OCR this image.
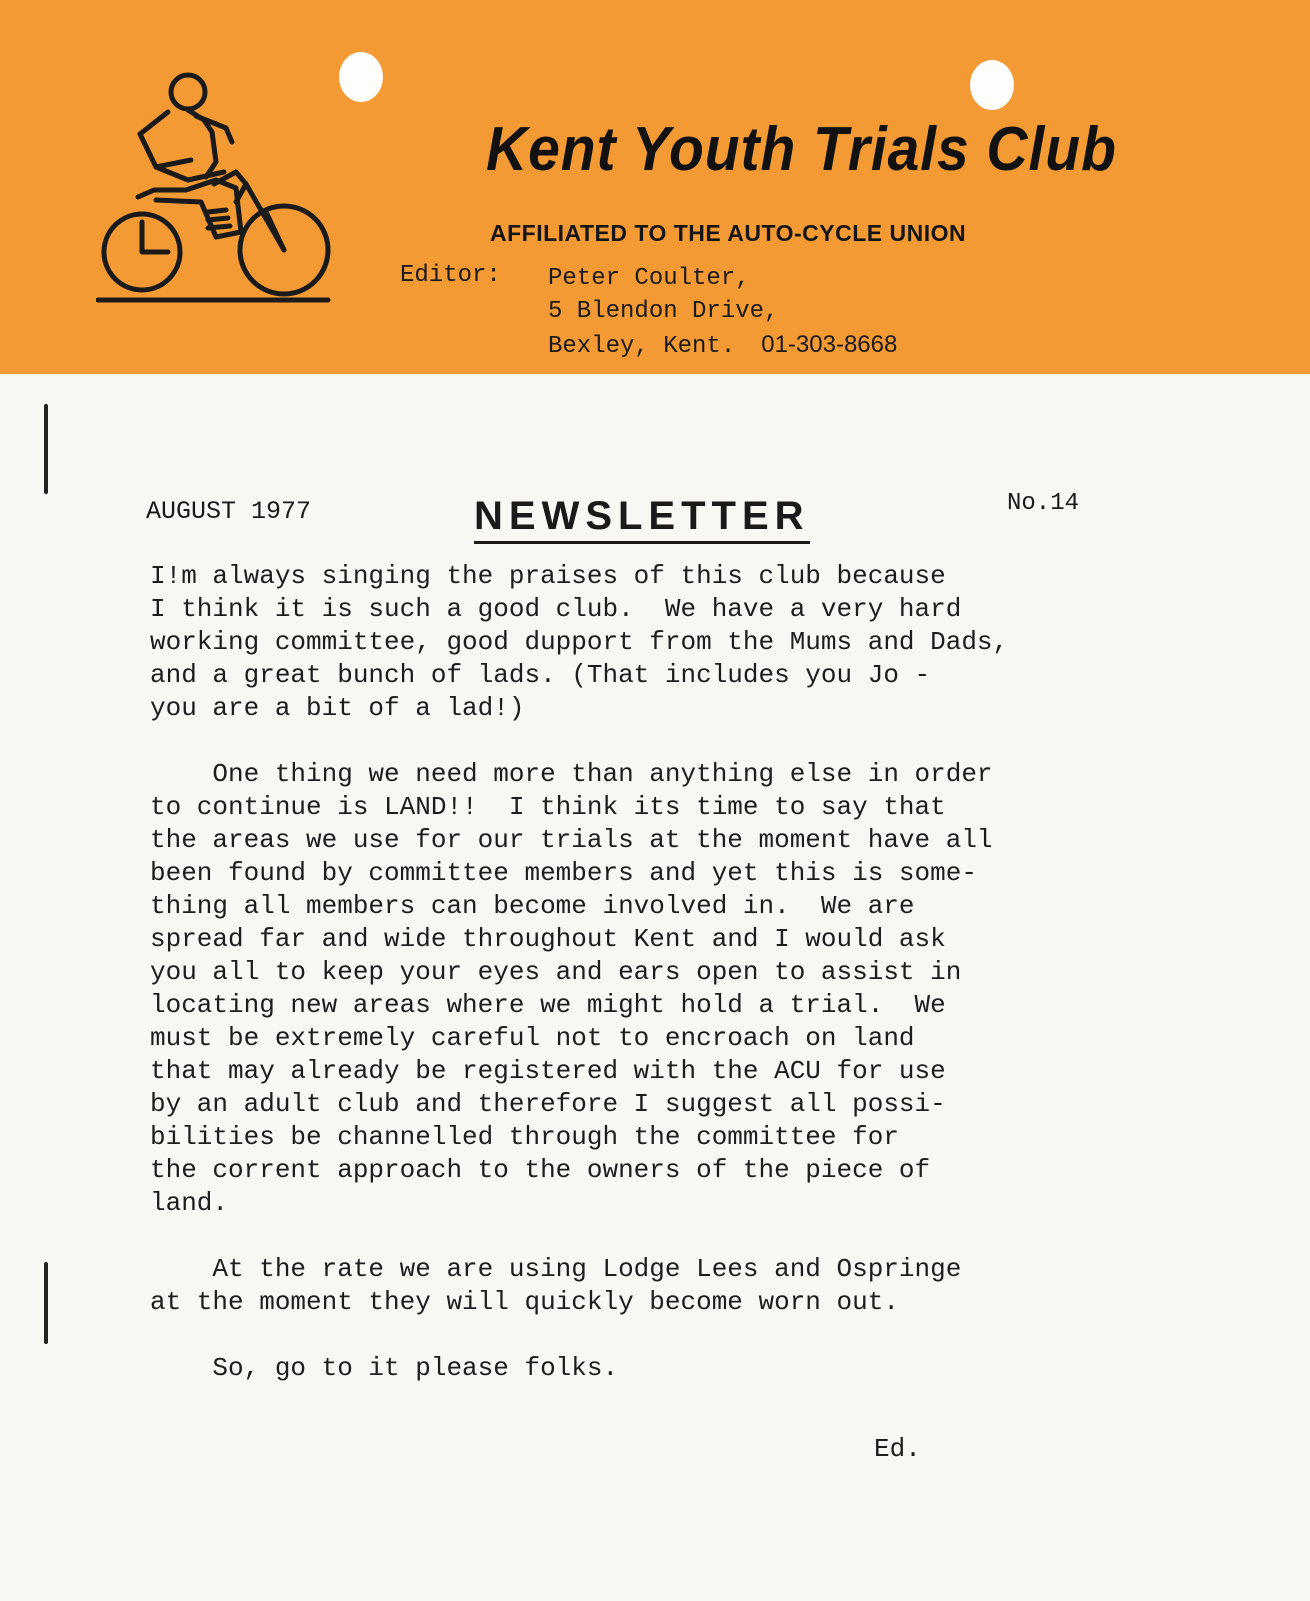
Kent Youth Trials Club
AFFILIATED TO THE AUTO-CYCLE UNION
Editor: Peter Coulter,
5 Blendon Drive,
Bexley, Kent. 01-303-8668
AUGUST 1977	NEWSLETTER	No.14

I!m always singing the praises of this club because
I think it is such a good club.  We have a very hard
working committee, good dupport from the Mums and Dads,
and a great bunch of lads. (That includes you Jo -
you are a bit of a lad!)

One thing we need more than anything else in order
to continue is LAND!!  I think its time to say that
the areas we use for our trials at the moment have all
been found by committee members and yet this is some-
thing all members can become involved in.  We are
spread far and wide throughout Kent and I would ask
you all to keep your eyes and ears open to assist in
locating new areas where we might hold a trial.  We
must be extremely careful not to encroach on land
that may already be registered with the ACU for use
by an adult club and therefore I suggest all possi-
bilities be channelled through the committee for
the corrent approach to the owners of the piece of
land.

At the rate we are using Lodge Lees and Ospringe
at the moment they will quickly become worn out.

So, go to it please folks.

Ed.
